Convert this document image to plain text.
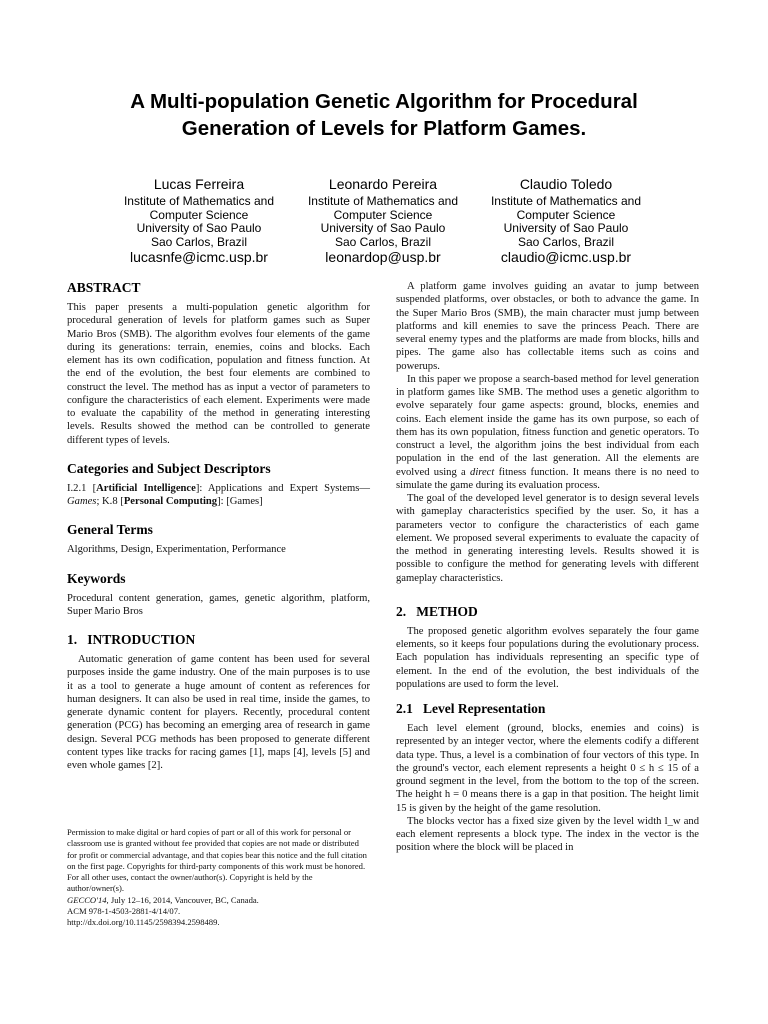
A Multi-population Genetic Algorithm for Procedural
Generation of Levels for Platform Games.
Lucas Ferreira
Institute of Mathematics and
Computer Science
University of Sao Paulo
Sao Carlos, Brazil
lucasnfe@icmc.usp.br
Leonardo Pereira
Institute of Mathematics and
Computer Science
University of Sao Paulo
Sao Carlos, Brazil
leonardop@usp.br
Claudio Toledo
Institute of Mathematics and
Computer Science
University of Sao Paulo
Sao Carlos, Brazil
claudio@icmc.usp.br
ABSTRACT

This paper presents a multi-population genetic algorithm for procedural generation of levels for platform games such as Super Mario Bros (SMB). The algorithm evolves four elements of the game during its generations: terrain, enemies, coins and blocks. Each element has its own codification, population and fitness function. At the end of the evolution, the best four elements are combined to construct the level. The method has as input a vector of parameters to configure the characteristics of each element. Experiments were made to evaluate the capability of the method in generating interesting levels. Results showed the method can be controlled to generate different types of levels.

Categories and Subject Descriptors

I.2.1 [Artificial Intelligence]: Applications and Expert Systems—Games; K.8 [Personal Computing]: [Games]

General Terms

Algorithms, Design, Experimentation, Performance

Keywords

Procedural content generation, games, genetic algorithm, platform, Super Mario Bros

1.   INTRODUCTION

Automatic generation of game content has been used for several purposes inside the game industry. One of the main purposes is to use it as a tool to generate a huge amount of content as references for human designers. It can also be used in real time, inside the games, to generate dynamic content for players. Recently, procedural content generation (PCG) has becoming an emerging area of research in game design. Several PCG methods has been proposed to generate different content types like tracks for racing games [1], maps [4], levels [5] and even whole games [2].

Permission to make digital or hard copies of part or all of this work for personal or classroom use is granted without fee provided that copies are not made or distributed for profit or commercial advantage, and that copies bear this notice and the full citation on the first page. Copyrights for third-party components of this work must be honored. For all other uses, contact the owner/author(s). Copyright is held by the author/owner(s).

GECCO'14, July 12–16, 2014, Vancouver, BC, Canada.

ACM 978-1-4503-2881-4/14/07.

http://dx.doi.org/10.1145/2598394.2598489.

A platform game involves guiding an avatar to jump between suspended platforms, over obstacles, or both to advance the game. In the Super Mario Bros (SMB), the main character must jump between platforms and kill enemies to save the princess Peach. There are several enemy types and the platforms are made from blocks, hills and pipes. The game also has collectable items such as coins and powerups.

In this paper we propose a search-based method for level generation in platform games like SMB. The method uses a genetic algorithm to evolve separately four game aspects: ground, blocks, enemies and coins. Each element inside the game has its own purpose, so each of them has its own population, fitness function and genetic operators. To construct a level, the algorithm joins the best individual from each population in the end of the last generation. All the elements are evolved using a direct fitness function. It means there is no need to simulate the game during its evaluation process.

The goal of the developed level generator is to design several levels with gameplay characteristics specified by the user. So, it has a parameters vector to configure the characteristics of each game element. We proposed several experiments to evaluate the capacity of the method in generating interesting levels. Results showed it is possible to configure the method for generating levels with different gameplay characteristics.

2.   METHOD

The proposed genetic algorithm evolves separately the four game elements, so it keeps four populations during the evolutionary process. Each population has individuals representing an specific type of element. In the end of the evolution, the best individuals of the populations are used to form the level.

2.1   Level Representation

Each level element (ground, blocks, enemies and coins) is represented by an integer vector, where the elements codify a different data type. Thus, a level is a combination of four vectors of this type. In the ground's vector, each element represents a height 0 ≤ h ≤ 15 of a ground segment in the level, from the bottom to the top of the screen. The height h = 0 means there is a gap in that position. The height limit 15 is given by the height of the game resolution.

The blocks vector has a fixed size given by the level width l_w and each element represents a block type. The index in the vector is the position where the block will be placed in
